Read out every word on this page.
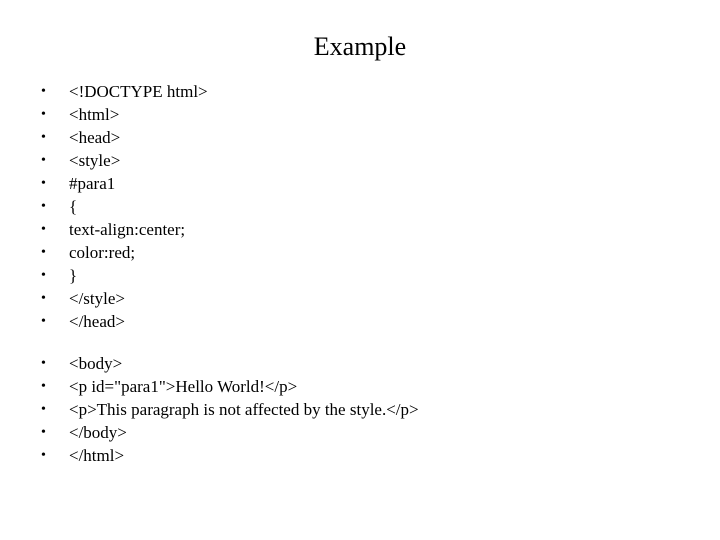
Example
• <!DOCTYPE html>
• <html>
• <head>
• <style>
• #para1
• {
• text-align:center;
• color:red;
• }
• </style>
• </head>
• <body>
• <p id="para1">Hello World!</p>
• <p>This paragraph is not affected by the style.</p>
• </body>
• </html>
